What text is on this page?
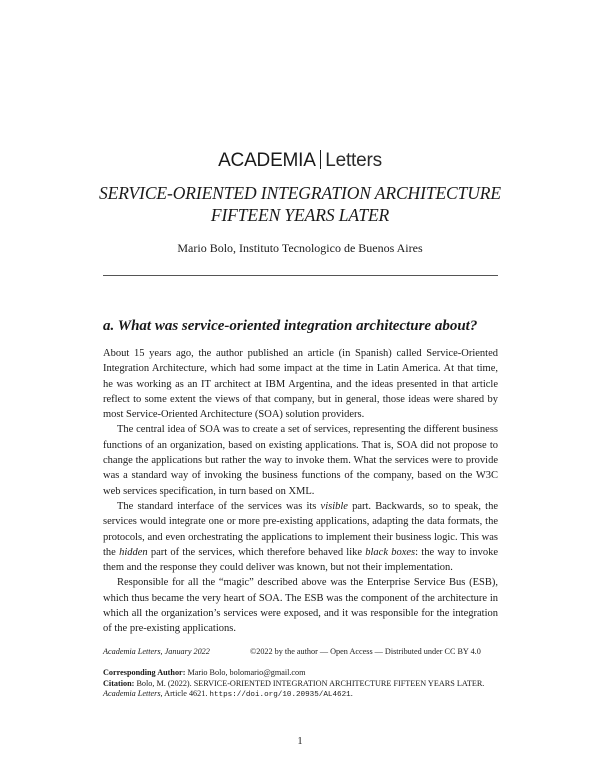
ACADEMIA Letters
SERVICE-ORIENTED INTEGRATION ARCHITECTURE
FIFTEEN YEARS LATER
Mario Bolo, Instituto Tecnologico de Buenos Aires
a. What was service-oriented integration architecture about?

About 15 years ago, the author published an article (in Spanish) called Service-Oriented Integration Architecture, which had some impact at the time in Latin America. At that time, he was working as an IT architect at IBM Argentina, and the ideas presented in that article reflect to some extent the views of that company, but in general, those ideas were shared by most Service-Oriented Architecture (SOA) solution providers.

The central idea of SOA was to create a set of services, representing the different business functions of an organization, based on existing applications. That is, SOA did not propose to change the applications but rather the way to invoke them. What the services were to provide was a standard way of invoking the business functions of the company, based on the W3C web services specification, in turn based on XML.

The standard interface of the services was its visible part. Backwards, so to speak, the services would integrate one or more pre-existing applications, adapting the data formats, the protocols, and even orchestrating the applications to implement their business logic. This was the hidden part of the services, which therefore behaved like black boxes: the way to invoke them and the response they could deliver was known, but not their implementation.

Responsible for all the “magic” described above was the Enterprise Service Bus (ESB), which thus became the very heart of SOA. The ESB was the component of the architecture in which all the organization’s services were exposed, and it was responsible for the integration of the pre-existing applications.

Academia Letters, January 2022	©2022 by the author — Open Access — Distributed under CC BY 4.0
Corresponding Author: Mario Bolo, bolomario@gmail.com
Citation: Bolo, M. (2022). SERVICE-ORIENTED INTEGRATION ARCHITECTURE FIFTEEN YEARS LATER. Academia Letters, Article 4621. https://doi.org/10.20935/AL4621.
1
